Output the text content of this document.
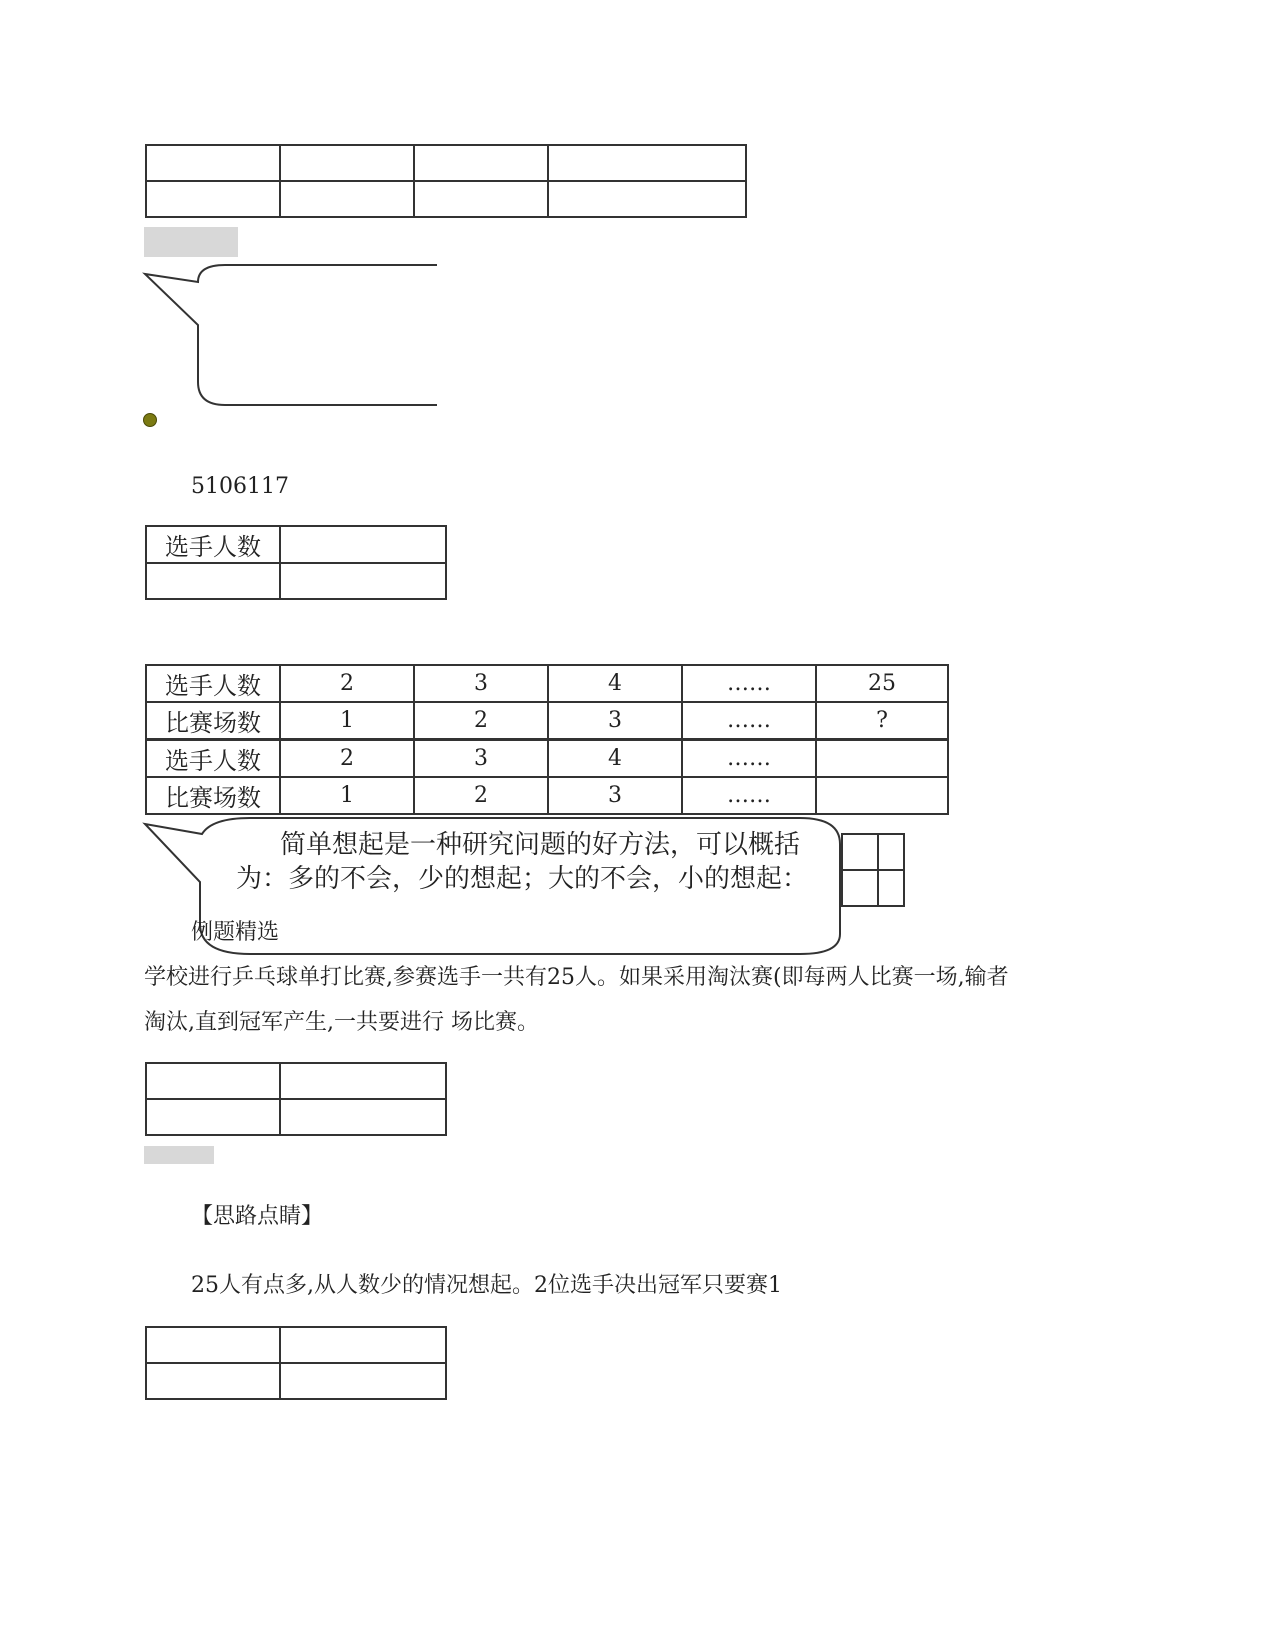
5106117
选手人数	

选手人数	2	3	4	……	25
比赛场数	1	2	3	……	?
选手人数	2	3	4	……	
比赛场数	1	2	3	……	
简单想起是一种研究问题的好方法，可以概括
为：多的不会，少的想起；大的不会，小的想起：
例题精选
学校进行乒乓球单打比赛,参赛选手一共有25人。如果采用淘汰赛(即每两人比赛一场,输者
淘汰,直到冠军产生,一共要进行 场比赛。

【思路点睛】
25人有点多,从人数少的情况想起。2位选手决出冠军只要赛1
